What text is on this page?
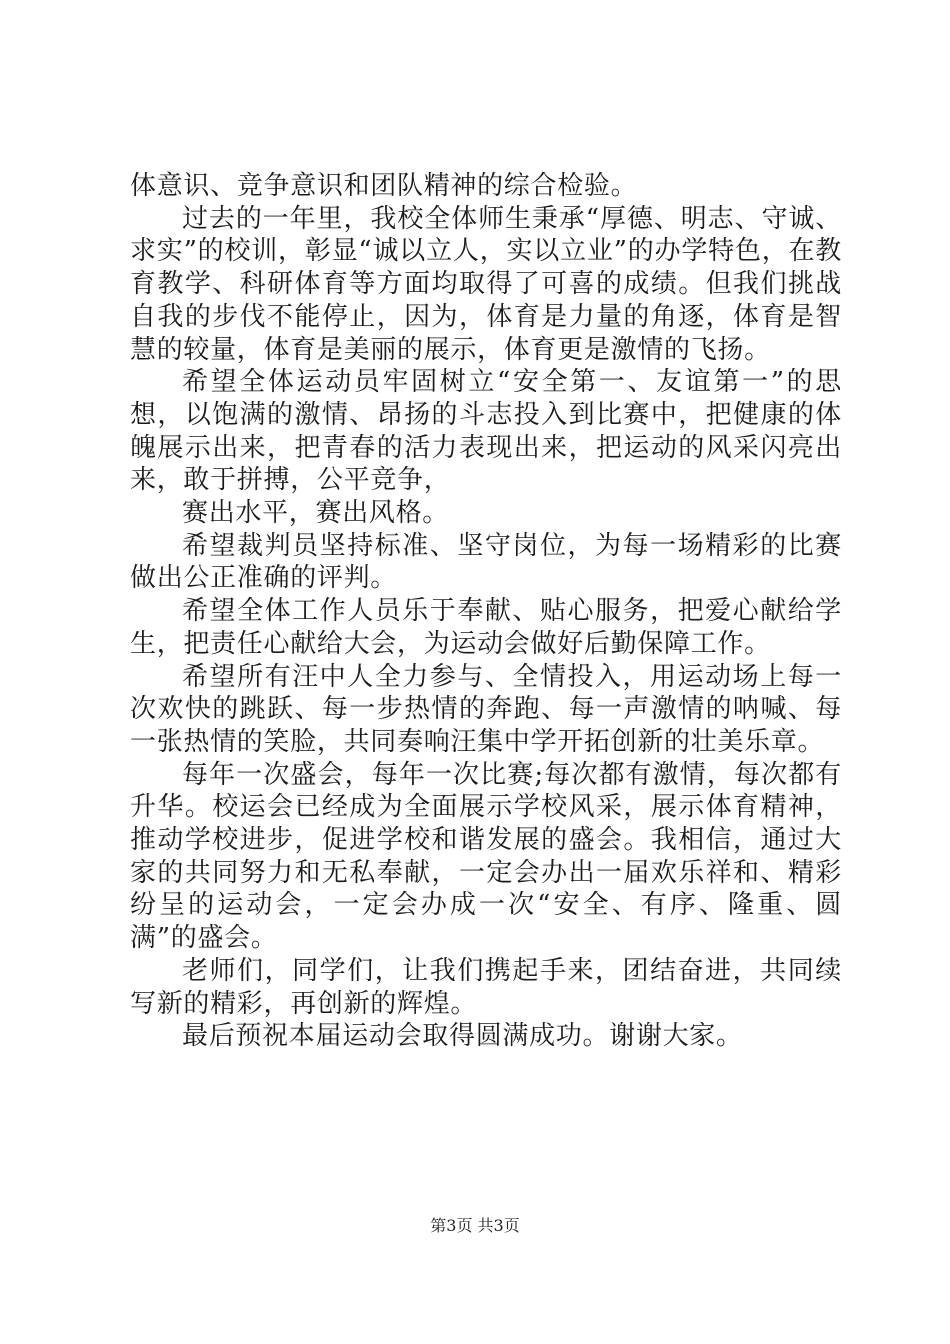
体意识、竞争意识和团队精神的综合检验。

过去的一年里，我校全体师生秉承“厚德、明志、守诚、求实”的校训，彰显“诚以立人，实以立业”的办学特色，在教育教学、科研体育等方面均取得了可喜的成绩。但我们挑战自我的步伐不能停止，因为，体育是力量的角逐，体育是智慧的较量，体育是美丽的展示，体育更是激情的飞扬。

希望全体运动员牢固树立“安全第一、友谊第一”的思想，以饱满的激情、昂扬的斗志投入到比赛中，把健康的体魄展示出来，把青春的活力表现出来，把运动的风采闪亮出来，敢于拼搏，公平竞争，

赛出水平，赛出风格。

希望裁判员坚持标准、坚守岗位，为每一场精彩的比赛做出公正准确的评判。

希望全体工作人员乐于奉献、贴心服务，把爱心献给学生，把责任心献给大会，为运动会做好后勤保障工作。

希望所有汪中人全力参与、全情投入，用运动场上每一次欢快的跳跃、每一步热情的奔跑、每一声激情的呐喊、每一张热情的笑脸，共同奏响汪集中学开拓创新的壮美乐章。

每年一次盛会，每年一次比赛;每次都有激情，每次都有升华。校运会已经成为全面展示学校风采，展示体育精神，推动学校进步，促进学校和谐发展的盛会。我相信，通过大家的共同努力和无私奉献，一定会办出一届欢乐祥和、精彩纷呈的运动会，一定会办成一次“安全、有序、隆重、圆满”的盛会。

老师们，同学们，让我们携起手来，团结奋进，共同续写新的精彩，再创新的辉煌。

最后预祝本届运动会取得圆满成功。谢谢大家。

第3页 共3页
